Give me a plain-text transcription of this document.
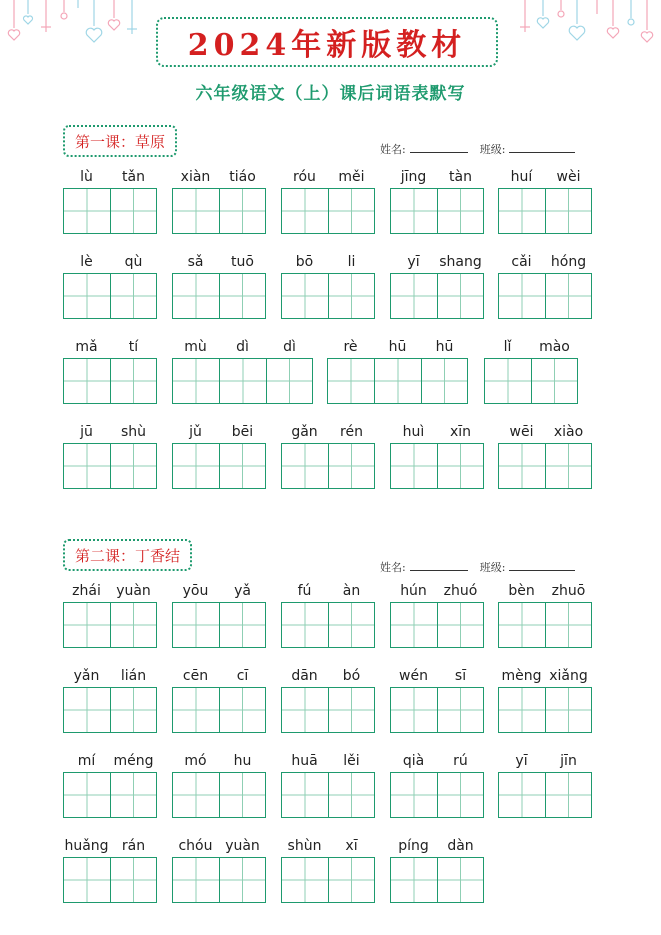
2024年新版教材
六年级语文（上）课后词语表默写
第一课：草原	姓名:	班级:
lù	tǎn	xiàn	tiáo	róu	měi	jīng	tàn	huí	wèi
lè	qù	sǎ	tuō	bō	li	yī	shang	cǎi	hóng
mǎ	tí	mù	dì	dì	rè	hū	hū	lǐ	mào
jū	shù	jǔ	bēi	gǎn	rén	huì	xīn	wēi	xiào
第二课：丁香结
姓名:	班级:
zhái	yuàn	yōu	yǎ	fú	àn	hún	zhuó	bèn	zhuō
yǎn	lián	cēn	cī	dān	bó	wén	sī	mèng xiǎng
mí	méng	mó	hu	huā	lěi	qià	rú	yī	jīn
huǎng rán	chóu yuàn	shùn	xī	píng	dàn
